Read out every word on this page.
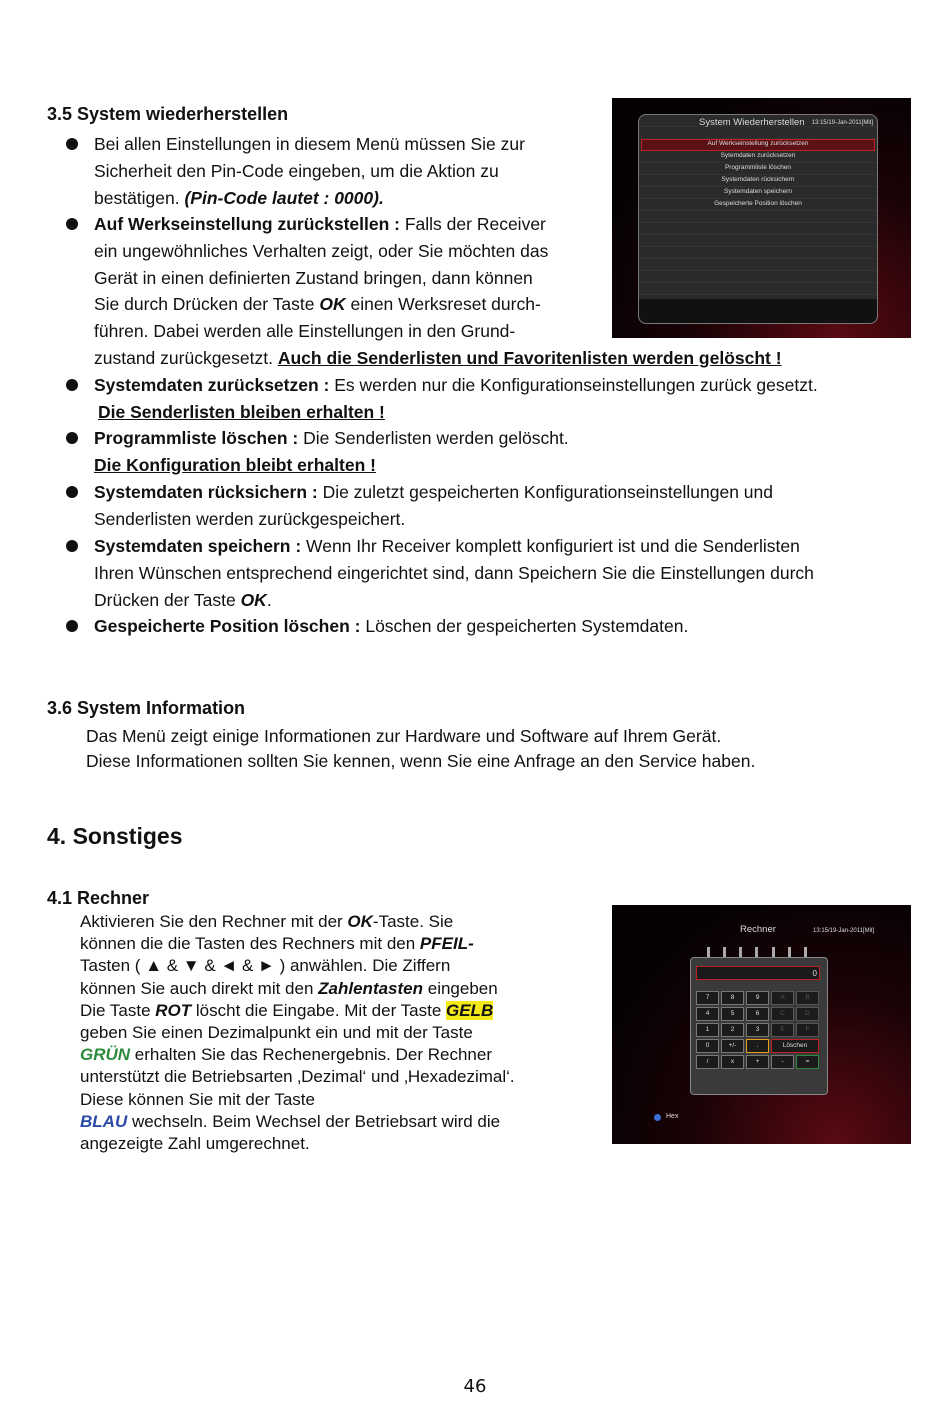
3.5 System wiederherstellen
Bei allen Einstellungen in diesem Menü müssen Sie zur
Sicherheit den Pin-Code eingeben, um die Aktion zu
bestätigen. (Pin-Code lautet : 0000).
Auf Werkseinstellung zurückstellen : Falls der Receiver
ein ungewöhnliches Verhalten zeigt, oder Sie möchten das
Gerät in einen definierten Zustand bringen, dann können
Sie durch Drücken der Taste OK einen Werksreset durch-
führen. Dabei werden alle Einstellungen in den Grund-
zustand zurückgesetzt. Auch die Senderlisten und Favoritenlisten werden gelöscht !
Systemdaten zurücksetzen : Es werden nur die Konfigurationseinstellungen zurück gesetzt.
Die Senderlisten bleiben erhalten !
Programmliste löschen : Die Senderlisten werden gelöscht.
Die Konfiguration bleibt erhalten !
Systemdaten rücksichern : Die zuletzt gespeicherten Konfigurationseinstellungen und
Senderlisten werden zurückgespeichert.
Systemdaten speichern : Wenn Ihr Receiver komplett konfiguriert ist und die Senderlisten
Ihren Wünschen entsprechend eingerichtet sind, dann Speichern Sie die Einstellungen durch
Drücken der Taste OK.
Gespeicherte Position löschen : Löschen der gespeicherten Systemdaten.
System Wiederherstellen 13:15/19-Jan-2011[Mit]
Auf Werkseinstellung zurücksetzen
Sytemdaten zurücksetzen
Programmliste löschen
Systemdaten rücksichern
Systemdaten speichern
Gespeicherte Position löschen
3.6 System Information
Das Menü zeigt einige Informationen zur Hardware und Software auf Ihrem Gerät.
Diese Informationen sollten Sie kennen, wenn Sie eine Anfrage an den Service haben.
4. Sonstiges
4.1 Rechner
Aktivieren Sie den Rechner mit der OK-Taste. Sie
können die die Tasten des Rechners mit den PFEIL-
Tasten ( ▲ & ▼ & ◄ & ► ) anwählen. Die Ziffern
können Sie auch direkt mit den Zahlentasten eingeben
Die Taste ROT löscht die Eingabe. Mit der Taste GELB
geben Sie einen Dezimalpunkt ein und mit der Taste
GRÜN erhalten Sie das Rechenergebnis. Der Rechner
unterstützt die Betriebsarten ‚Dezimal‘ und ‚Hexadezimal‘.
Diese können Sie mit der Taste
BLAU wechseln. Beim Wechsel der Betriebsart wird die
angezeigte Zahl umgerechnet.
Rechner	13:15/19-Jan-2011[Mit]
0
7	8	9	A	B
4	5	6	C	D
1	2	3	E	F
0	+/-	.	Löschen
/	x	+	-	=
Hex
46
